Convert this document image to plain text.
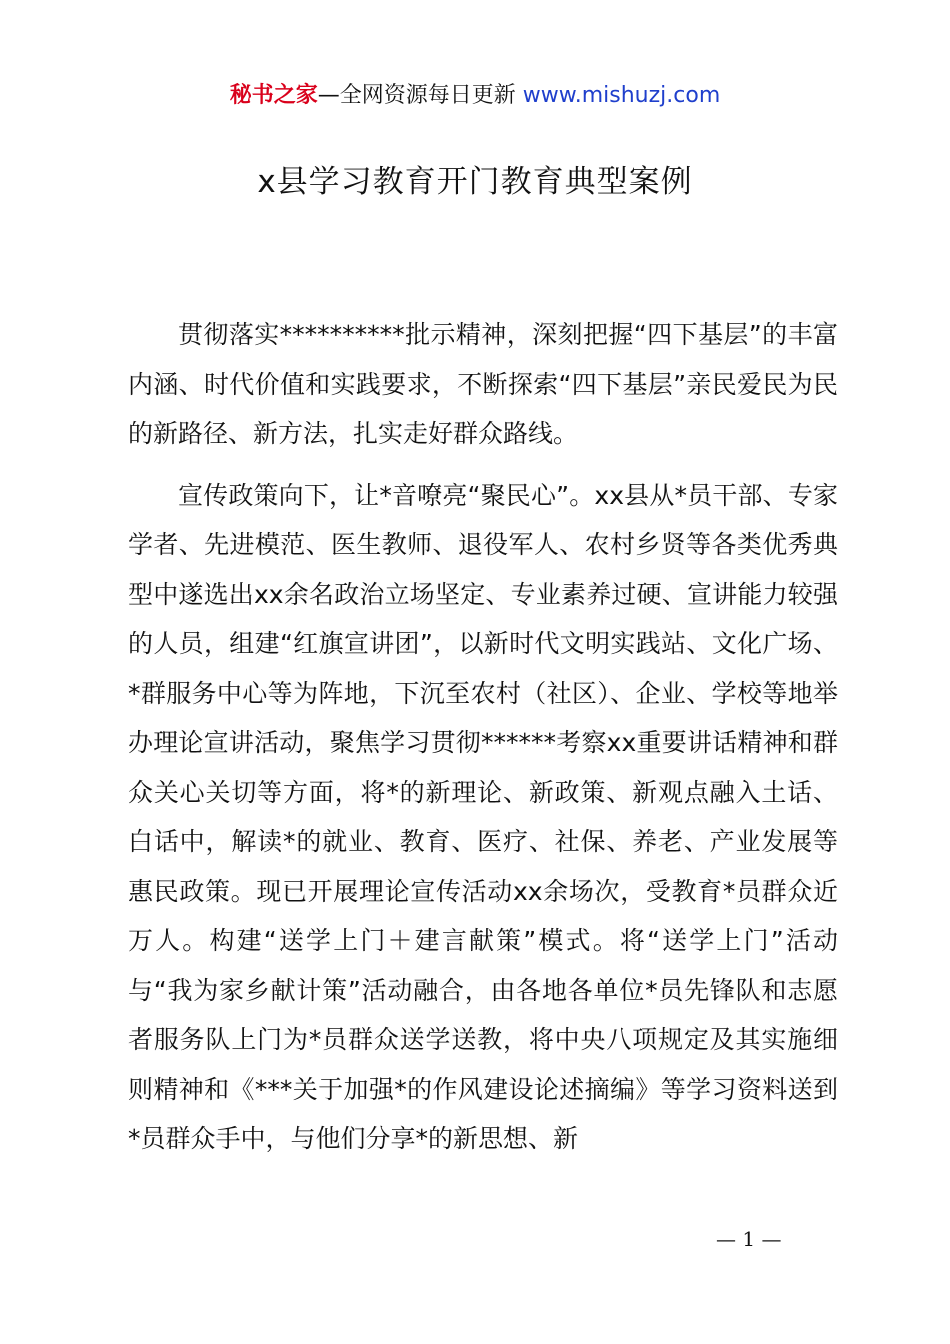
秘书之家—全网资源每日更新 www.mishuzj.com
x县学习教育开门教育典型案例

贯彻落实**********批示精神，深刻把握“四下基层”的丰富内涵、时代价值和实践要求，不断探索“四下基层”亲民爱民为民的新路径、新方法，扎实走好群众路线。

宣传政策向下，让*音嘹亮“聚民心”。xx县从*员干部、专家学者、先进模范、医生教师、退役军人、农村乡贤等各类优秀典型中遂选出xx余名政治立场坚定、专业素养过硬、宣讲能力较强的人员，组建“红旗宣讲团”，以新时代文明实践站、文化广场、*群服务中心等为阵地，下沉至农村（社区）、企业、学校等地举办理论宣讲活动，聚焦学习贯彻******考察xx重要讲话精神和群众关心关切等方面，将*的新理论、新政策、新观点融入土话、白话中，解读*的就业、教育、医疗、社保、养老、产业发展等惠民政策。现已开展理论宣传活动xx余场次，受教育*员群众近万人。构建“送学上门＋建言献策”模式。将“送学上门”活动与“我为家乡献计策”活动融合，由各地各单位*员先锋队和志愿者服务队上门为*员群众送学送教，将中央八项规定及其实施细则精神和《***关于加强*的作风建设论述摘编》等学习资料送到*员群众手中，与他们分享*的新思想、新

— 1 —
